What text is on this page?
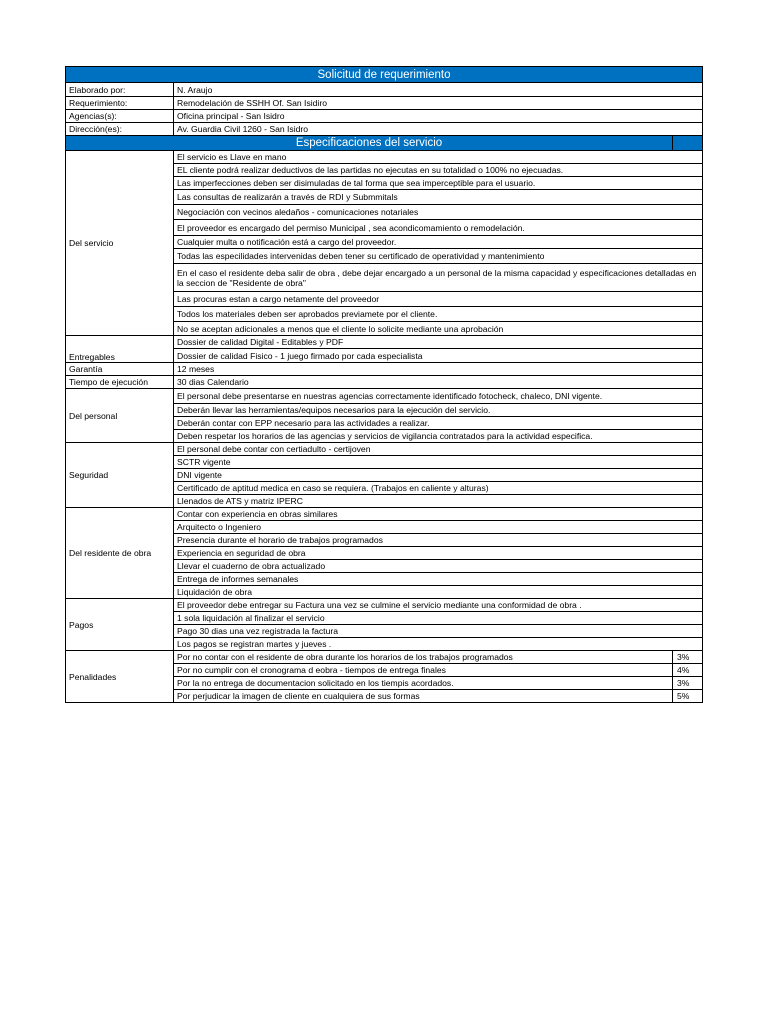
Solicitud de requerimiento		
Elaborado por:	N. Araujo	
Requerimiento:	Remodelación de SSHH Of. San Isidiro	
Agencias(s):	Oficina principal - San Isidro	
Dirección(es):	Av. Guardia Civil 1260 - San Isidro	
Especificaciones del servicio		
Del servicio	El servicio es Llave en mano	
	EL cliente podrá realizar deductivos de las partidas no ejecutas en su totalidad o 100% no ejecuadas.	
	Las imperfecciones deben ser disimuladas de tal forma que sea imperceptible para el usuario.	
	Las consultas de realizarán a través de RDI y Submmitals	
	Negociación con vecinos aledaños - comunicaciones notariales	
	El proveedor es encargado del permiso Municipal , sea acondicomamiento o remodelación.	
	Cualquier multa o notificación está a cargo del proveedor.	
	Todas las especilidades intervenidas deben tener su certificado de operatividad y mantenimiento	
	En el caso el residente deba salir de obra , debe dejar encargado a un personal de la misma capacidad y especificaciones detalladas en la seccion de "Residente de obra"	
	Las procuras estan a cargo netamente del proveedor	
	Todos los materiales deben ser aprobados previamete por el cliente.	
	No se aceptan adicionales a menos que el cliente lo solicite mediante una aprobación	
Entregables	Dossier de calidad Digital - Editables y PDF	
	Dossier de calidad Fisico - 1 juego firmado por cada especialista	
Garantía	12 meses	
Tiempo de ejecución	30 dias Calendario	
Del personal	El personal debe presentarse en nuestras agencias correctamente identificado fotocheck, chaleco, DNI vigente.	
	Deberán llevar las herramientas/equipos necesarios para la ejecución del servicio.	
	Deberán contar con EPP necesario para las actividades a realizar.	
	Deben respetar los horarios de las agencias y servicios de vigilancia contratados para la actividad especifica.	
Seguridad	El personal debe contar con certiadulto - certijoven	
	SCTR vigente	
	DNI vigente	
	Certificado de aptitud medica en caso se requiera. (Trabajos en caliente y alturas)	
	Llenados de ATS y matriz IPERC	
Del residente de obra	Contar con experiencia en obras similares	
	Arquitecto o Ingeniero	
	Presencia durante el horario de trabajos programados	
	Experiencia en seguridad de obra	
	Llevar el cuaderno de obra actualizado	
	Entrega de informes semanales	
	Liquidación de obra	
Pagos	El proveedor debe entregar su Factura una vez se culmine el servicio mediante una conformidad de obra .	
	1 sola liquidación al finalizar el servicio	
	Pago 30 dias una vez registrada la factura	
	Los pagos se registran martes y jueves .	
Penalidades	Por no contar con el residente de obra durante los horarios de los trabajos programados	3%
	Por no cumplir con el cronograma d eobra - tiempos de entrega finales	4%
	Por la no entrega de documentacion solicitado en los tiempis acordados.	3%
	Por perjudicar la imagen de cliente en cualquiera de sus formas	5%
